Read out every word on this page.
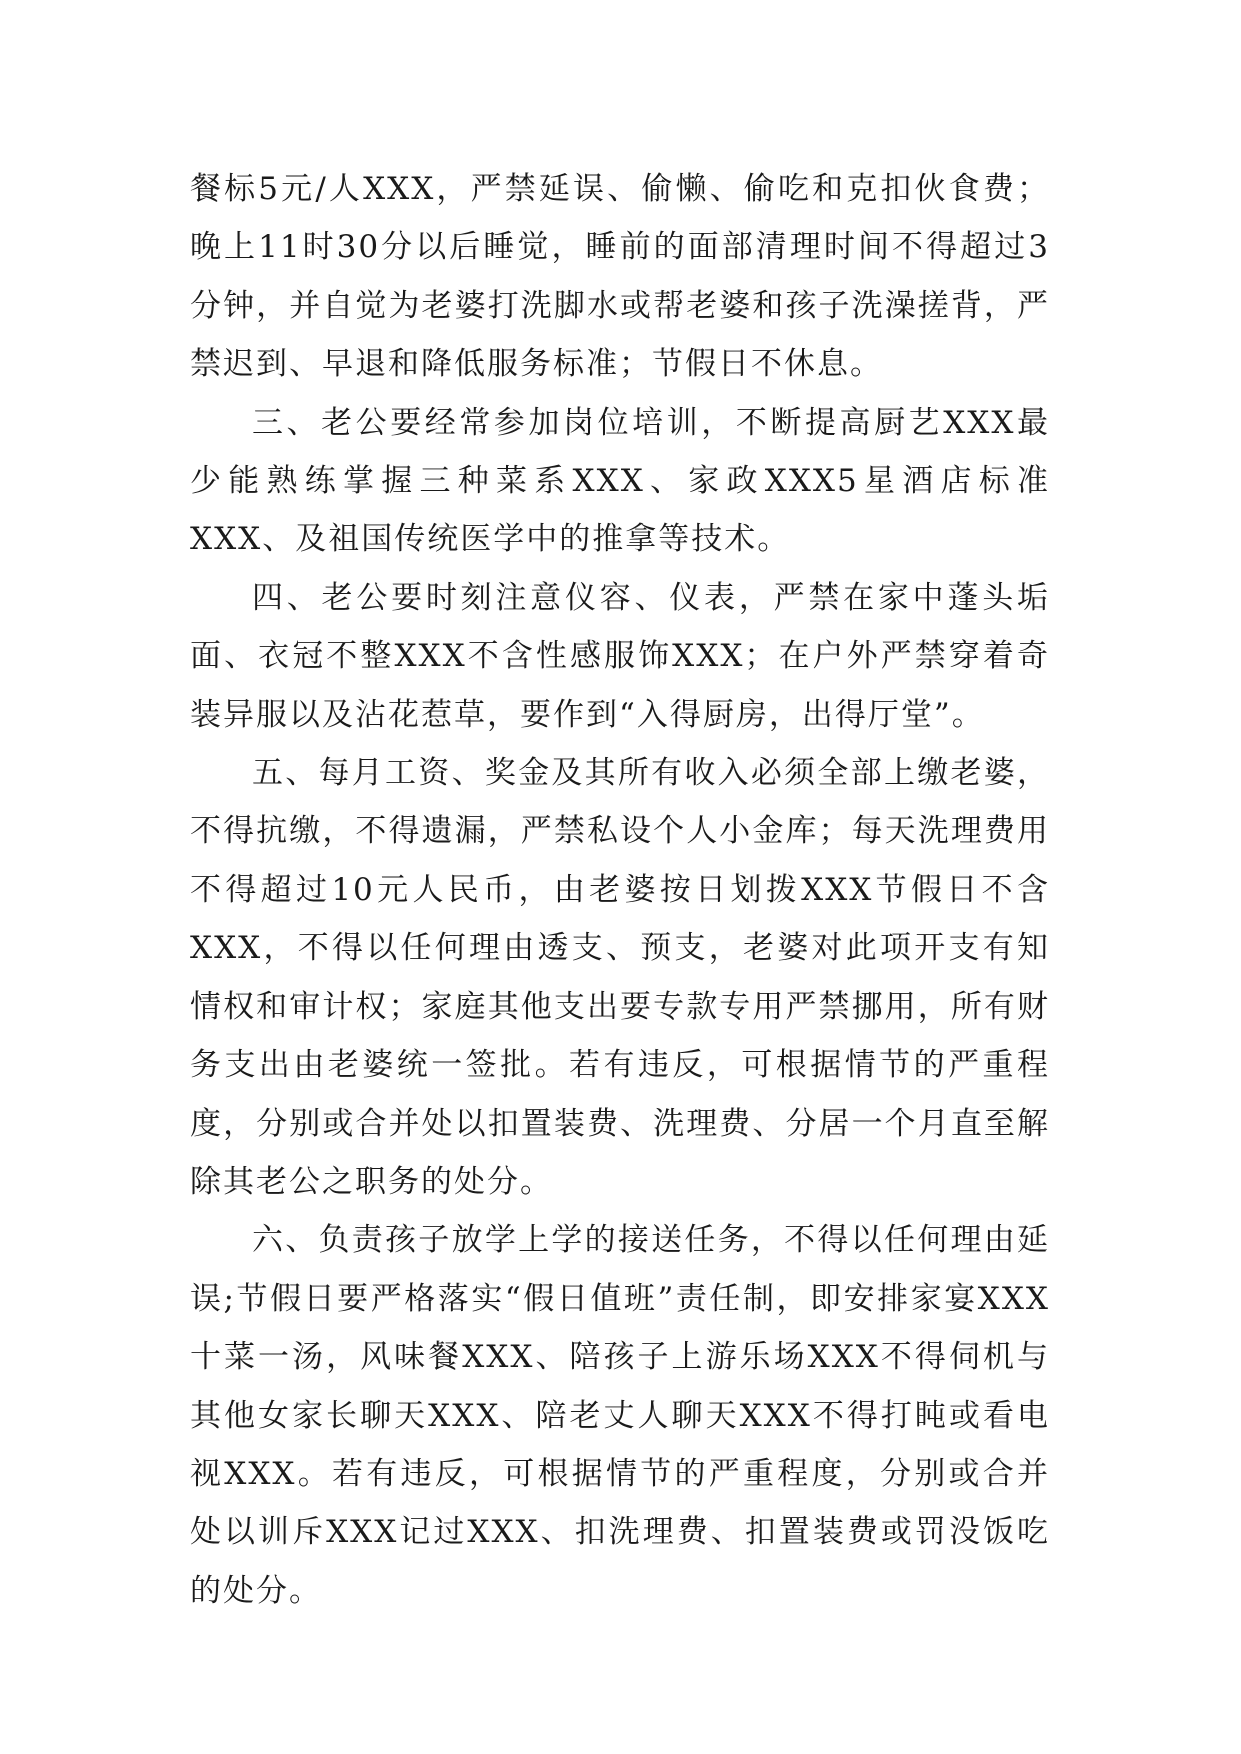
餐标5元/人XXX，严禁延误、偷懒、偷吃和克扣伙食费；晚上11时30分以后睡觉，睡前的面部清理时间不得超过3分钟，并自觉为老婆打洗脚水或帮老婆和孩子洗澡搓背，严禁迟到、早退和降低服务标准；节假日不休息。

三、老公要经常参加岗位培训，不断提高厨艺XXX最少能熟练掌握三种菜系XXX、家政XXX5星酒店标准XXX、及祖国传统医学中的推拿等技术。

四、老公要时刻注意仪容、仪表，严禁在家中蓬头垢面、衣冠不整XXX不含性感服饰XXX；在户外严禁穿着奇装异服以及沾花惹草，要作到“入得厨房，出得厅堂”。

五、每月工资、奖金及其所有收入必须全部上缴老婆，不得抗缴，不得遗漏，严禁私设个人小金库；每天洗理费用不得超过10元人民币，由老婆按日划拨XXX节假日不含XXX，不得以任何理由透支、预支，老婆对此项开支有知情权和审计权；家庭其他支出要专款专用严禁挪用，所有财务支出由老婆统一签批。若有违反，可根据情节的严重程度，分别或合并处以扣置装费、洗理费、分居一个月直至解除其老公之职务的处分。

六、负责孩子放学上学的接送任务，不得以任何理由延误;节假日要严格落实“假日值班”责任制，即安排家宴XXX十菜一汤，风味餐XXX、陪孩子上游乐场XXX不得伺机与其他女家长聊天XXX、陪老丈人聊天XXX不得打盹或看电视XXX。若有违反，可根据情节的严重程度，分别或合并处以训斥XXX记过XXX、扣洗理费、扣置装费或罚没饭吃的处分。
